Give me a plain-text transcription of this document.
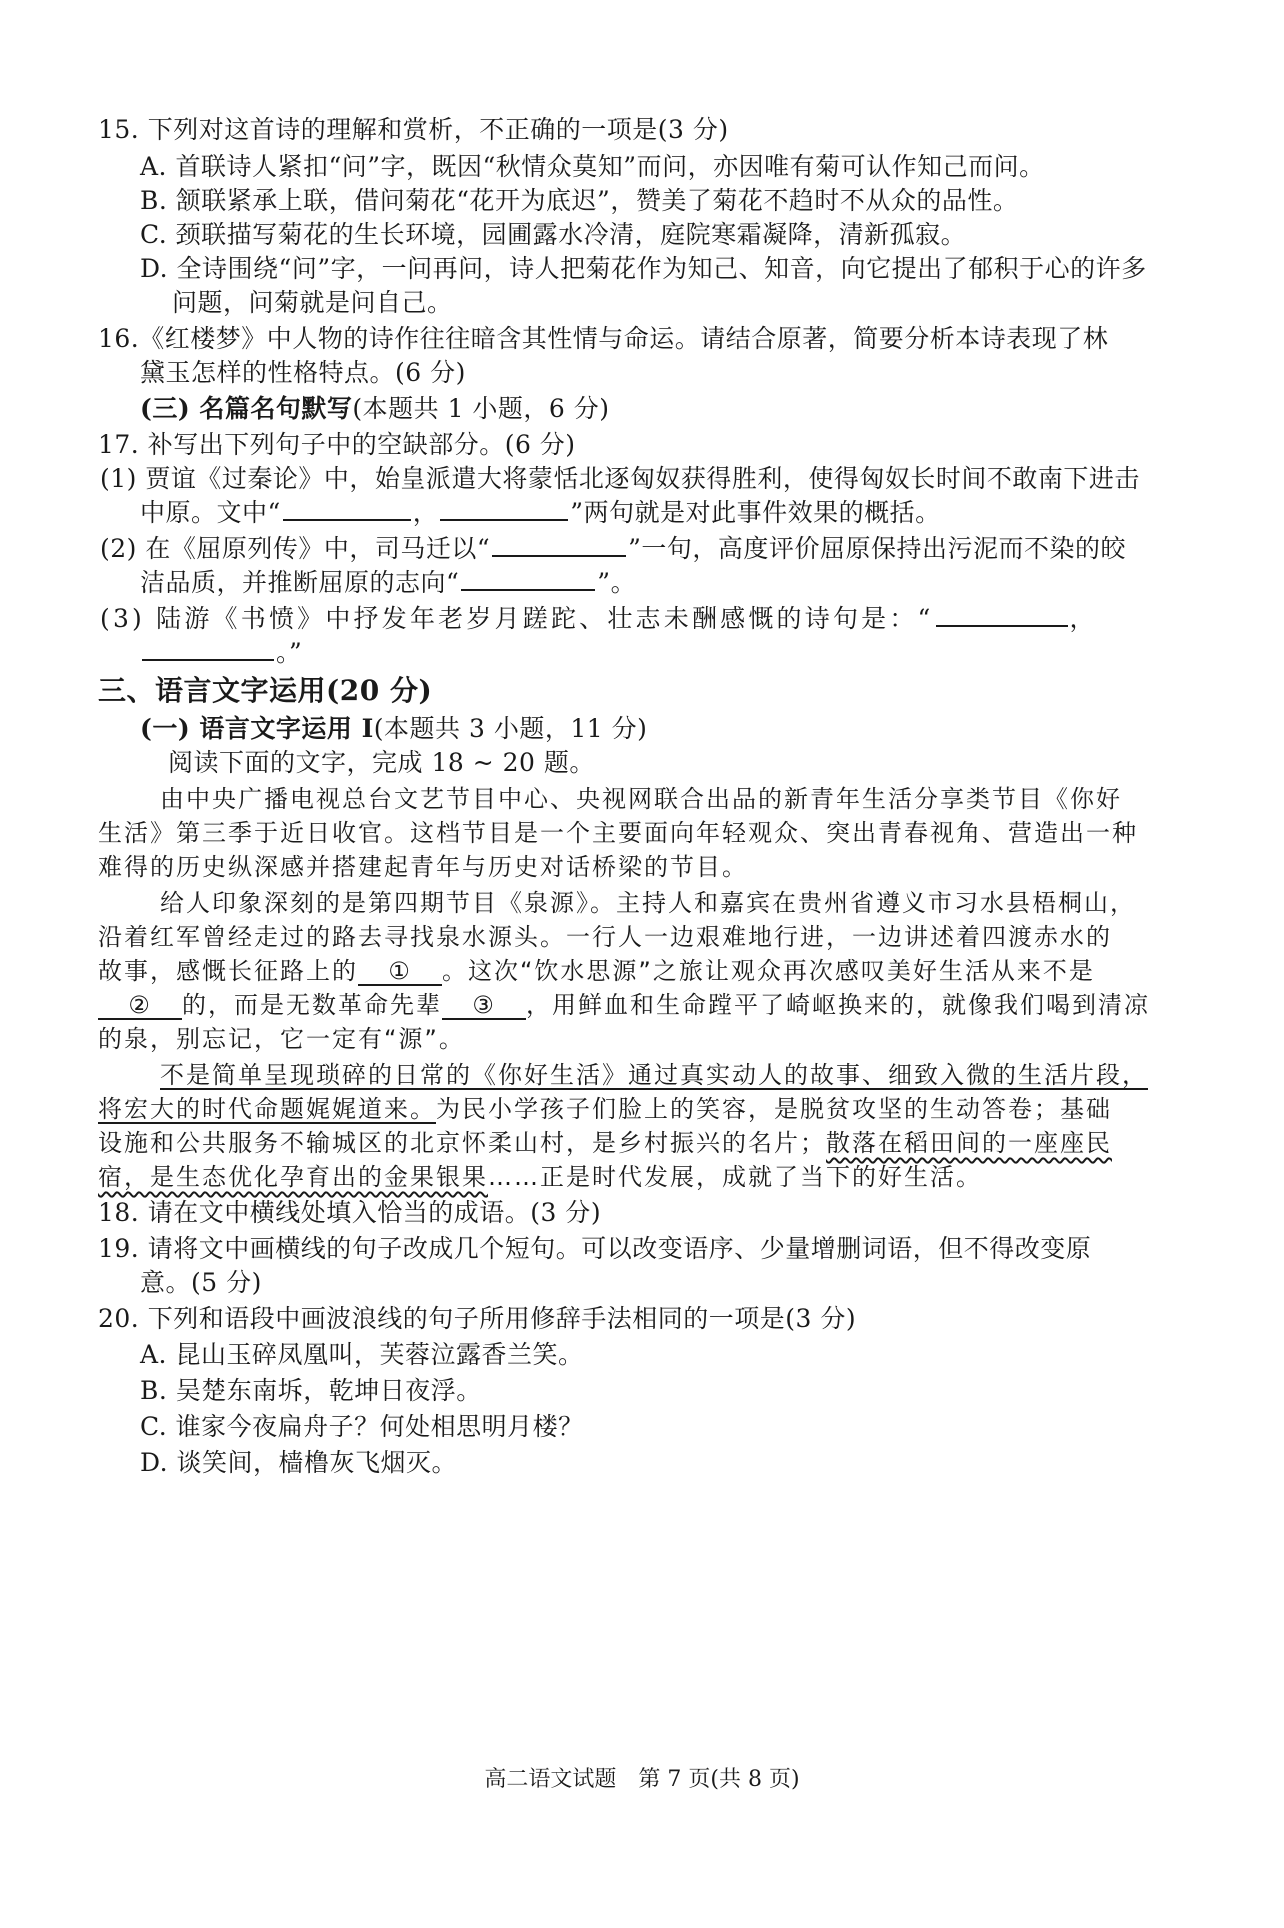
15. 下列对这首诗的理解和赏析，不正确的一项是(3 分)
A. 首联诗人紧扣“问”字，既因“秋情众莫知”而问，亦因唯有菊可认作知己而问。
B. 颔联紧承上联，借问菊花“花开为底迟”，赞美了菊花不趋时不从众的品性。
C. 颈联描写菊花的生长环境，园圃露水冷清，庭院寒霜凝降，清新孤寂。
D. 全诗围绕“问”字，一问再问，诗人把菊花作为知己、知音，向它提出了郁积于心的许多
问题，问菊就是问自己。
16.《红楼梦》中人物的诗作往往暗含其性情与命运。请结合原著，简要分析本诗表现了林
黛玉怎样的性格特点。(6 分)
(三) 名篇名句默写(本题共 1 小题，6 分)
17. 补写出下列句子中的空缺部分。(6 分)
(1) 贾谊《过秦论》中，始皇派遣大将蒙恬北逐匈奴获得胜利，使得匈奴长时间不敢南下进击
中原。文中“	，	”两句就是对此事件效果的概括。
(2) 在《屈原列传》中，司马迁以“	”一句，高度评价屈原保持出污泥而不染的皎
洁品质，并推断屈原的志向“	”。
(3) 陆游《书愤》中抒发年老岁月蹉跎、壮志未酬感慨的诗句是：“	，
。”
三、语言文字运用(20 分)
(一) 语言文字运用 Ⅰ(本题共 3 小题，11 分)
阅读下面的文字，完成 18 ~ 20 题。
由中央广播电视总台文艺节目中心、央视网联合出品的新青年生活分享类节目《你好
生活》第三季于近日收官。这档节目是一个主要面向年轻观众、突出青春视角、营造出一种
难得的历史纵深感并搭建起青年与历史对话桥梁的节目。
给人印象深刻的是第四期节目《泉源》。主持人和嘉宾在贵州省遵义市习水县梧桐山，
沿着红军曾经走过的路去寻找泉水源头。一行人一边艰难地行进，一边讲述着四渡赤水的
故事，感慨长征路上的 ① 。这次“饮水思源”之旅让观众再次感叹美好生活从来不是
② 的，而是无数革命先辈 ③ ，用鲜血和生命蹚平了崎岖换来的，就像我们喝到清凉
的泉，别忘记，它一定有“源”。
不是简单呈现琐碎的日常的《你好生活》通过真实动人的故事、细致入微的生活片段，
将宏大的时代命题娓娓道来。为民小学孩子们脸上的笑容，是脱贫攻坚的生动答卷；基础
设施和公共服务不输城区的北京怀柔山村，是乡村振兴的名片；散落在稻田间的一座座民
宿，是生态优化孕育出的金果银果……正是时代发展，成就了当下的好生活。
18. 请在文中横线处填入恰当的成语。(3 分)
19. 请将文中画横线的句子改成几个短句。可以改变语序、少量增删词语，但不得改变原
意。(5 分)
20. 下列和语段中画波浪线的句子所用修辞手法相同的一项是(3 分)
A. 昆山玉碎凤凰叫，芙蓉泣露香兰笑。
B. 吴楚东南坼，乾坤日夜浮。
C. 谁家今夜扁舟子？何处相思明月楼？
D. 谈笑间，樯橹灰飞烟灭。
高二语文试题　第 7 页(共 8 页)
